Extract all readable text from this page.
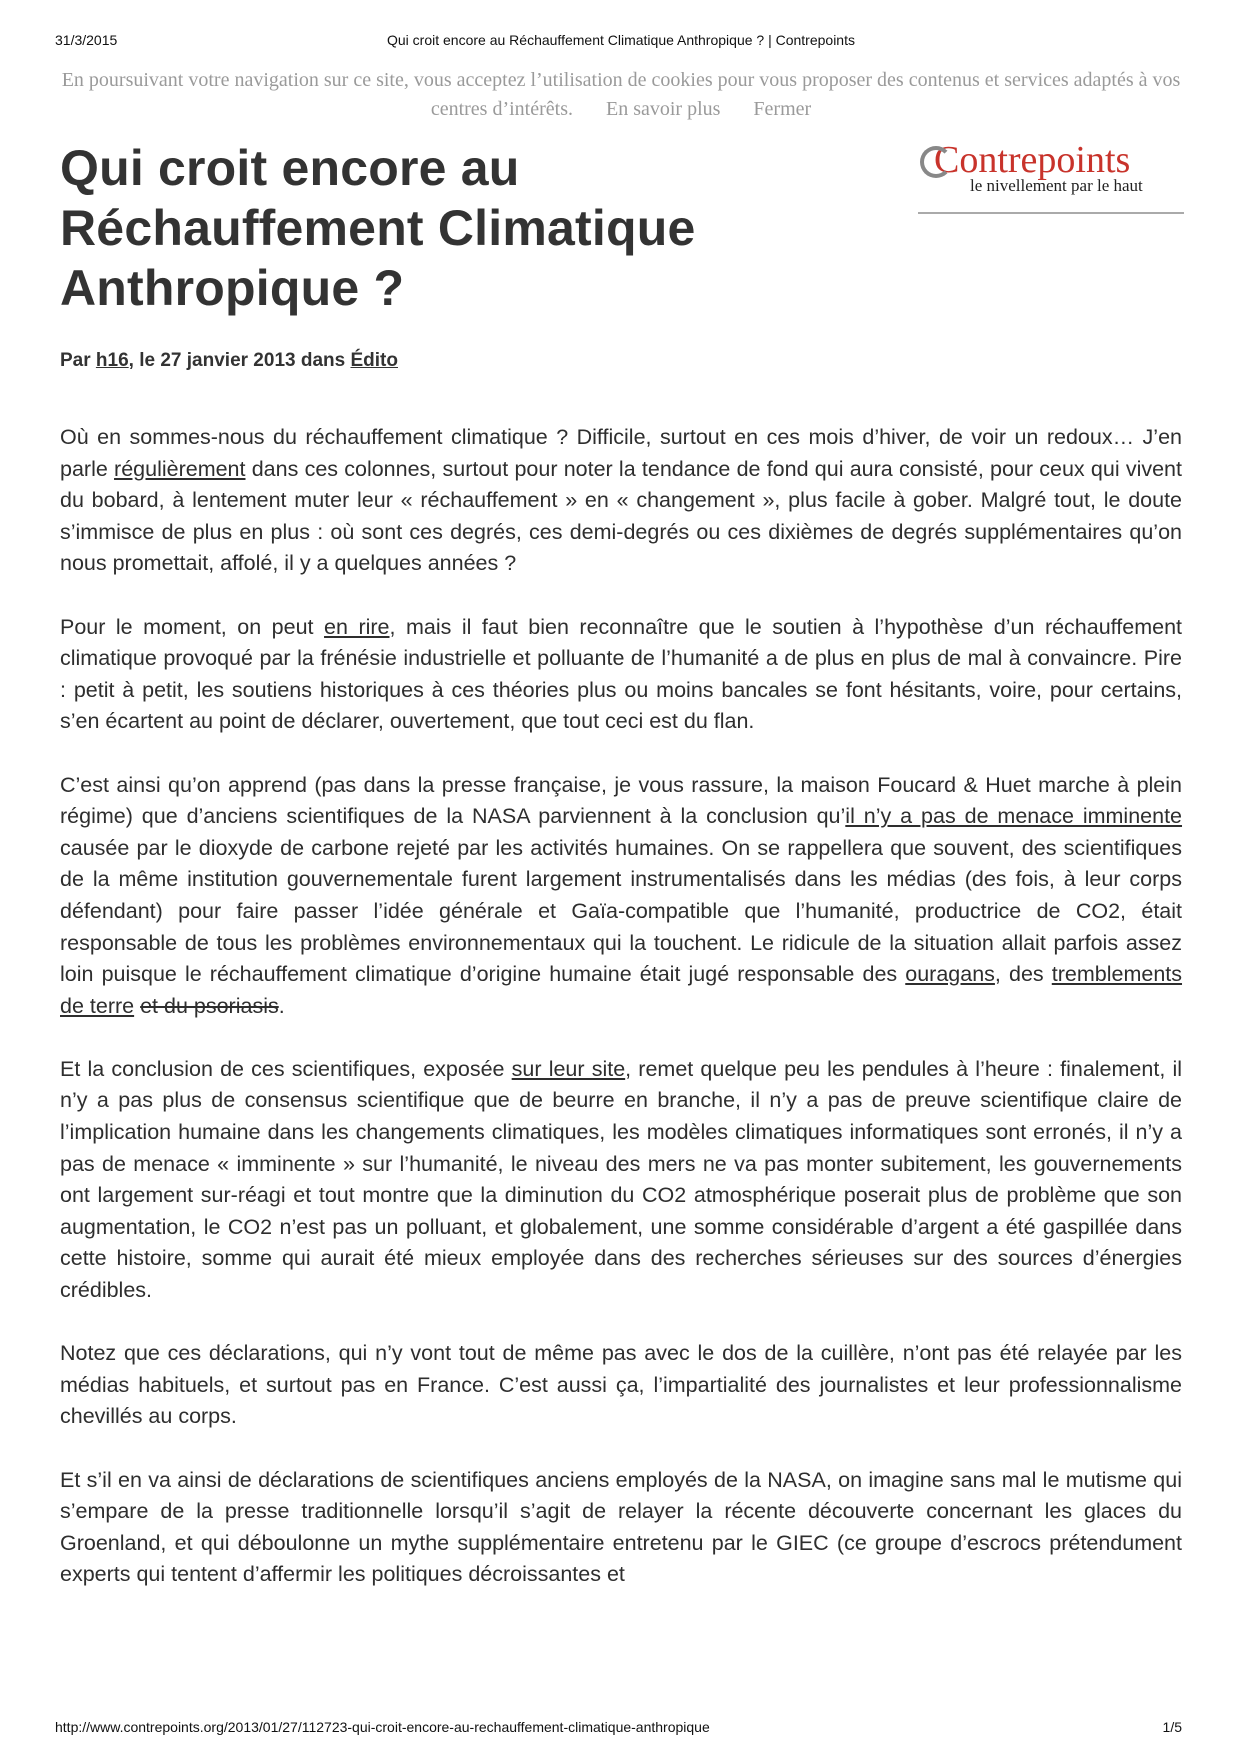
31/3/2015	Qui croit encore au Réchauffement Climatique Anthropique ? | Contrepoints
En poursuivant votre navigation sur ce site, vous acceptez l’utilisation de cookies pour vous proposer des contenus et services adaptés à vos centres d’intérêts. En savoir plus Fermer
Contrepoints
le nivellement par le haut
Qui croit encore au Réchauffement Climatique Anthropique ?
Par h16, le 27 janvier 2013 dans Édito

Où en sommes-nous du réchauffement climatique ? Difficile, surtout en ces mois d’hiver, de voir un redoux… J’en parle régulièrement dans ces colonnes, surtout pour noter la tendance de fond qui aura consisté, pour ceux qui vivent du bobard, à lentement muter leur « réchauffement » en « changement », plus facile à gober. Malgré tout, le doute s’immisce de plus en plus : où sont ces degrés, ces demi-degrés ou ces dixièmes de degrés supplémentaires qu’on nous promettait, affolé, il y a quelques années ?

Pour le moment, on peut en rire, mais il faut bien reconnaître que le soutien à l’hypothèse d’un réchauffement climatique provoqué par la frénésie industrielle et polluante de l’humanité a de plus en plus de mal à convaincre. Pire : petit à petit, les soutiens historiques à ces théories plus ou moins bancales se font hésitants, voire, pour certains, s’en écartent au point de déclarer, ouvertement, que tout ceci est du flan.

C’est ainsi qu’on apprend (pas dans la presse française, je vous rassure, la maison Foucard & Huet marche à plein régime) que d’anciens scientifiques de la NASA parviennent à la conclusion qu’il n’y a pas de menace imminente causée par le dioxyde de carbone rejeté par les activités humaines. On se rappellera que souvent, des scientifiques de la même institution gouvernementale furent largement instrumentalisés dans les médias (des fois, à leur corps défendant) pour faire passer l’idée générale et Gaïa-compatible que l’humanité, productrice de CO2, était responsable de tous les problèmes environnementaux qui la touchent. Le ridicule de la situation allait parfois assez loin puisque le réchauffement climatique d’origine humaine était jugé responsable des ouragans, des tremblements de terre et du psoriasis.

Et la conclusion de ces scientifiques, exposée sur leur site, remet quelque peu les pendules à l’heure : finalement, il n’y a pas plus de consensus scientifique que de beurre en branche, il n’y a pas de preuve scientifique claire de l’implication humaine dans les changements climatiques, les modèles climatiques informatiques sont erronés, il n’y a pas de menace « imminente » sur l’humanité, le niveau des mers ne va pas monter subitement, les gouvernements ont largement sur-réagi et tout montre que la diminution du CO2 atmosphérique poserait plus de problème que son augmentation, le CO2 n’est pas un polluant, et globalement, une somme considérable d’argent a été gaspillée dans cette histoire, somme qui aurait été mieux employée dans des recherches sérieuses sur des sources d’énergies crédibles.

Notez que ces déclarations, qui n’y vont tout de même pas avec le dos de la cuillère, n’ont pas été relayée par les médias habituels, et surtout pas en France. C’est aussi ça, l’impartialité des journalistes et leur professionnalisme chevillés au corps.

Et s’il en va ainsi de déclarations de scientifiques anciens employés de la NASA, on imagine sans mal le mutisme qui s’empare de la presse traditionnelle lorsqu’il s’agit de relayer la récente découverte concernant les glaces du Groenland, et qui déboulonne un mythe supplémentaire entretenu par le GIEC (ce groupe d’escrocs prétendument experts qui tentent d’affermir les politiques décroissantes et

http://www.contrepoints.org/2013/01/27/112723-qui-croit-encore-au-rechauffement-climatique-anthropique	1/5
